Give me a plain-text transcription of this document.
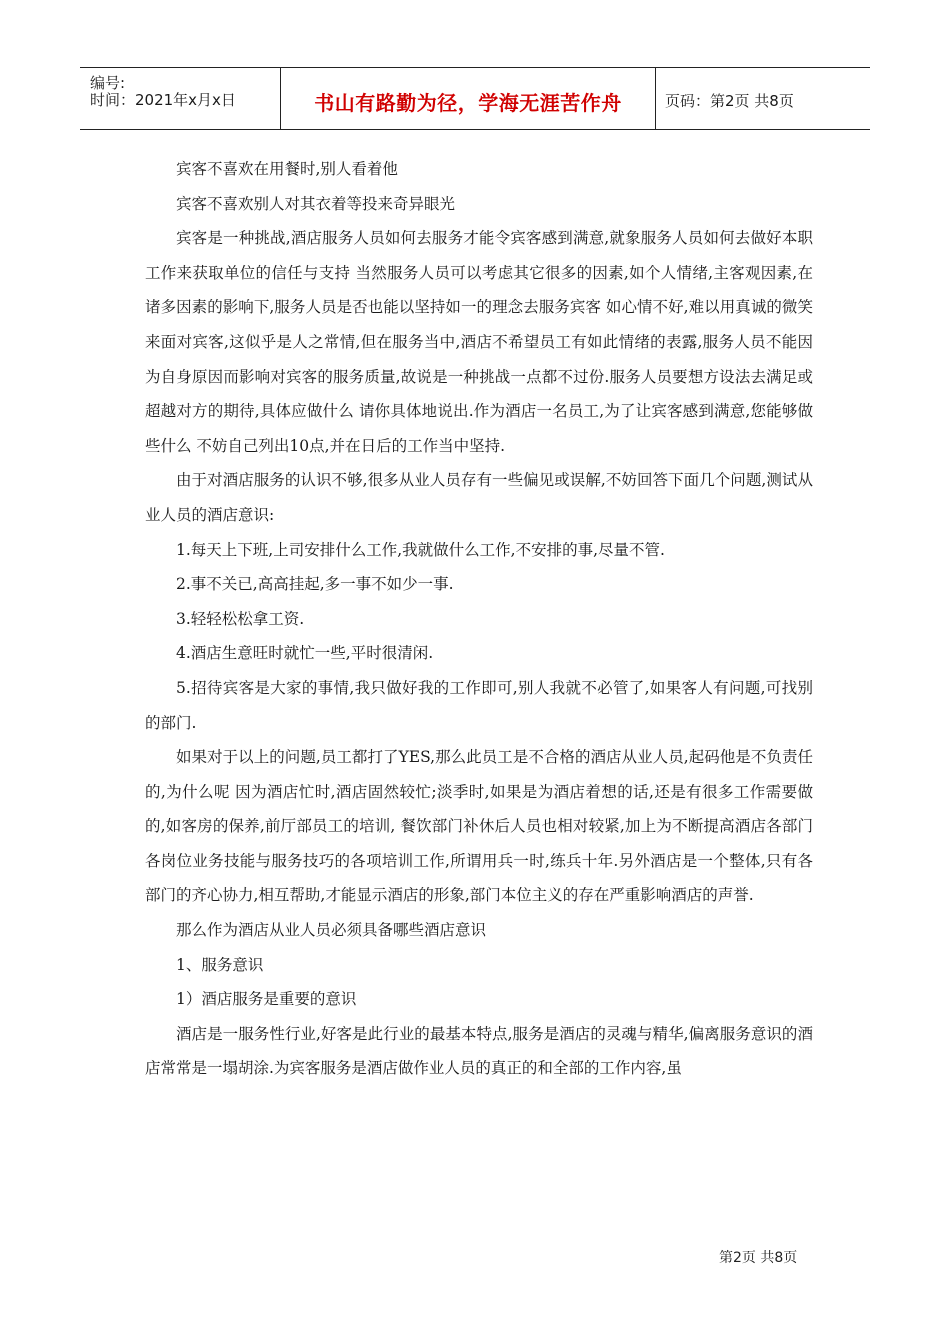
编号:
时间：2021年x月x日	书山有路勤为径，学海无涯苦作舟	页码：第2页 共8页

宾客不喜欢在用餐时,别人看着他

宾客不喜欢别人对其衣着等投来奇异眼光

宾客是一种挑战,酒店服务人员如何去服务才能令宾客感到满意,就象服务人员如何去做好本职工作来获取单位的信任与支持 当然服务人员可以考虑其它很多的因素,如个人情绪,主客观因素,在诸多因素的影响下,服务人员是否也能以坚持如一的理念去服务宾客 如心情不好,难以用真诚的微笑来面对宾客,这似乎是人之常情,但在服务当中,酒店不希望员工有如此情绪的表露,服务人员不能因为自身原因而影响对宾客的服务质量,故说是一种挑战一点都不过份.服务人员要想方设法去满足或超越对方的期待,具体应做什么 请你具体地说出.作为酒店一名员工,为了让宾客感到满意,您能够做些什么 不妨自己列出10点,并在日后的工作当中坚持.

由于对酒店服务的认识不够,很多从业人员存有一些偏见或误解,不妨回答下面几个问题,测试从业人员的酒店意识:

1.每天上下班,上司安排什么工作,我就做什么工作,不安排的事,尽量不管.

2.事不关已,高高挂起,多一事不如少一事.

3.轻轻松松拿工资.

4.酒店生意旺时就忙一些,平时很清闲.

5.招待宾客是大家的事情,我只做好我的工作即可,别人我就不必管了,如果客人有问题,可找别的部门.

如果对于以上的问题,员工都打了YES,那么此员工是不合格的酒店从业人员,起码他是不负责任的,为什么呢 因为酒店忙时,酒店固然较忙;淡季时,如果是为酒店着想的话,还是有很多工作需要做的,如客房的保养,前厅部员工的培训, 餐饮部门补休后人员也相对较紧,加上为不断提高酒店各部门各岗位业务技能与服务技巧的各项培训工作,所谓用兵一时,练兵十年.另外酒店是一个整体,只有各部门的齐心协力,相互帮助,才能显示酒店的形象,部门本位主义的存在严重影响酒店的声誉.

那么作为酒店从业人员必须具备哪些酒店意识

1、服务意识

1）酒店服务是重要的意识

酒店是一服务性行业,好客是此行业的最基本特点,服务是酒店的灵魂与精华,偏离服务意识的酒店常常是一塌胡涂.为宾客服务是酒店做作业人员的真正的和全部的工作内容,虽

第2页 共8页
